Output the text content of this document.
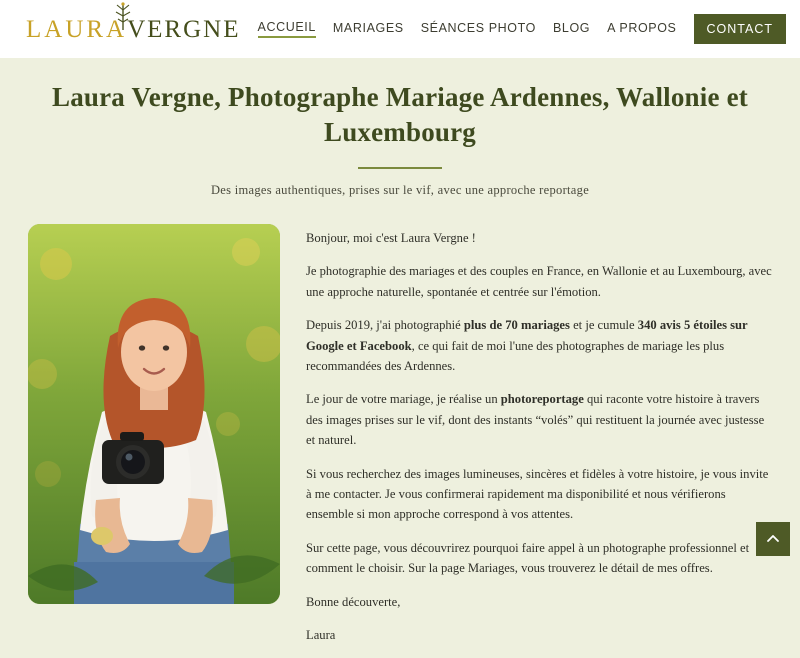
LAURAVERGNE ACCUEIL MARIAGES SÉANCES PHOTO BLOG A PROPOS	CONTACT
Laura Vergne, Photographe Mariage Ardennes, Wallonie et Luxembourg
Des images authentiques, prises sur le vif, avec une approche reportage

Bonjour, moi c'est Laura Vergne !

Je photographie des mariages et des couples en France, en Wallonie et au Luxembourg, avec une approche naturelle, spontanée et centrée sur l'émotion.

Depuis 2019, j'ai photographié plus de 70 mariages et je cumule 340 avis 5 étoiles sur Google et Facebook, ce qui fait de moi l'une des photographes de mariage les plus recommandées des Ardennes.

Le jour de votre mariage, je réalise un photoreportage qui raconte votre histoire à travers des images prises sur le vif, dont des instants “volés” qui restituent la journée avec justesse et naturel.

Si vous recherchez des images lumineuses, sincères et fidèles à votre histoire, je vous invite à me contacter. Je vous confirmerai rapidement ma disponibilité et nous vérifierons ensemble si mon approche correspond à vos attentes.

Sur cette page, vous découvrirez pourquoi faire appel à un photographe professionnel et comment le choisir. Sur la page Mariages, vous trouverez le détail de mes offres.

Bonne découverte,

Laura
